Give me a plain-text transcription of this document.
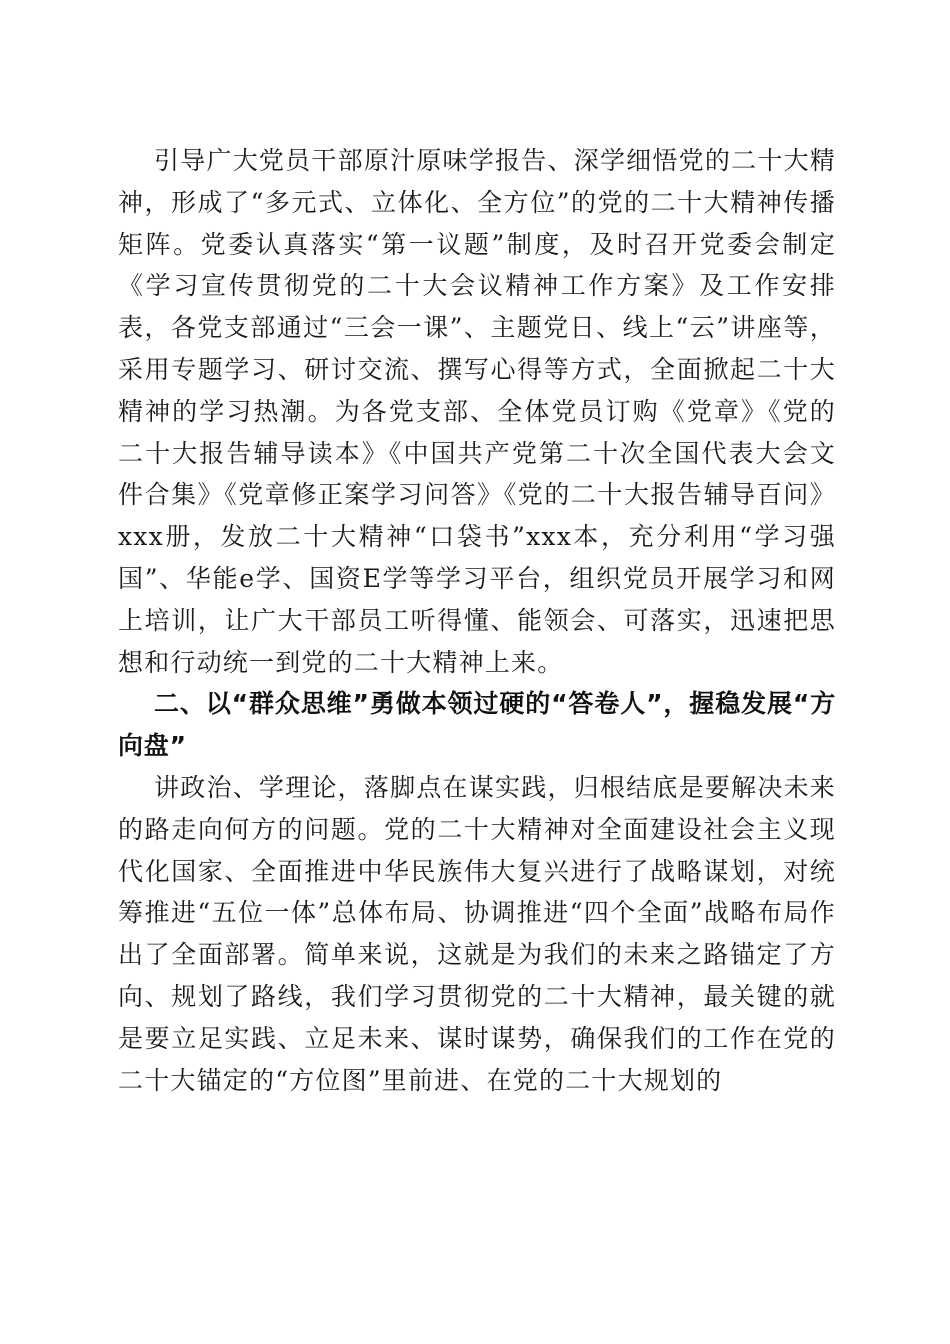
引导广大党员干部原汁原味学报告、深学细悟党的二十大精神，形成了“多元式、立体化、全方位”的党的二十大精神传播矩阵。党委认真落实“第一议题”制度，及时召开党委会制定《学习宣传贯彻党的二十大会议精神工作方案》及工作安排表，各党支部通过“三会一课”、主题党日、线上“云”讲座等，采用专题学习、研讨交流、撰写心得等方式，全面掀起二十大精神的学习热潮。为各党支部、全体党员订购《党章》《党的二十大报告辅导读本》《中国共产党第二十次全国代表大会文件合集》《党章修正案学习问答》《党的二十大报告辅导百问》xxx册，发放二十大精神“口袋书”xxx本，充分利用“学习强国”、华能e学、国资E学等学习平台，组织党员开展学习和网上培训，让广大干部员工听得懂、能领会、可落实，迅速把思想和行动统一到党的二十大精神上来。

二、以“群众思维”勇做本领过硬的“答卷人”，握稳发展“方向盘”

讲政治、学理论，落脚点在谋实践，归根结底是要解决未来的路走向何方的问题。党的二十大精神对全面建设社会主义现代化国家、全面推进中华民族伟大复兴进行了战略谋划，对统筹推进“五位一体”总体布局、协调推进“四个全面”战略布局作出了全面部署。简单来说，这就是为我们的未来之路锚定了方向、规划了路线，我们学习贯彻党的二十大精神，最关键的就是要立足实践、立足未来、谋时谋势，确保我们的工作在党的二十大锚定的“方位图”里前进、在党的二十大规划的
